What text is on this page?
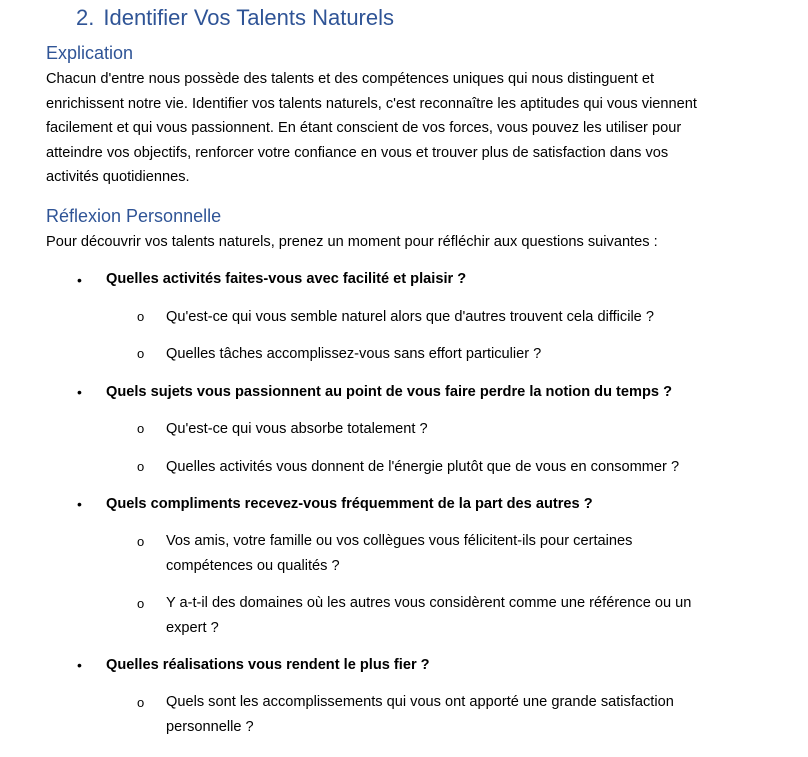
2. Identifier Vos Talents Naturels
Explication

Chacun d'entre nous possède des talents et des compétences uniques qui nous distinguent et
enrichissent notre vie. Identifier vos talents naturels, c'est reconnaître les aptitudes qui vous viennent
facilement et qui vous passionnent. En étant conscient de vos forces, vous pouvez les utiliser pour
atteindre vos objectifs, renforcer votre confiance en vous et trouver plus de satisfaction dans vos
activités quotidiennes.

Réflexion Personnelle

Pour découvrir vos talents naturels, prenez un moment pour réfléchir aux questions suivantes :

• Quelles activités faites-vous avec facilité et plaisir ?
o Qu'est-ce qui vous semble naturel alors que d'autres trouvent cela difficile ?

o Quelles tâches accomplissez-vous sans effort particulier ?

• Quels sujets vous passionnent au point de vous faire perdre la notion du temps ?
o Qu'est-ce qui vous absorbe totalement ?

o Quelles activités vous donnent de l'énergie plutôt que de vous en consommer ?

• Quels compliments recevez-vous fréquemment de la part des autres ?
o Vos amis, votre famille ou vos collègues vous félicitent-ils pour certaines
compétences ou qualités ?

o Y a-t-il des domaines où les autres vous considèrent comme une référence ou un
expert ?

• Quelles réalisations vous rendent le plus fier ?
o Quels sont les accomplissements qui vous ont apporté une grande satisfaction
personnelle ?
